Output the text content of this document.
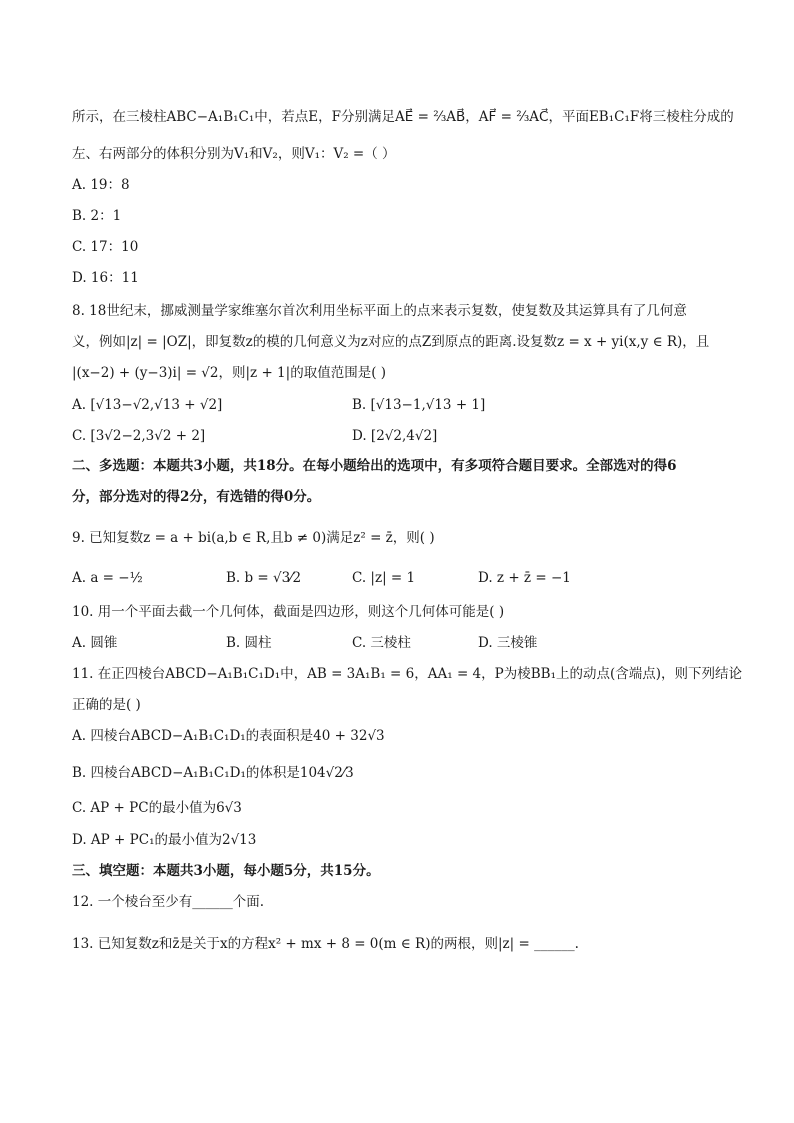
所示，在三棱柱ABC−A₁B₁C₁中，若点E，F分别满足AE⃗ = ⅔AB⃗，AF⃗ = ⅔AC⃗，平面EB₁C₁F将三棱柱分成的
左、右两部分的体积分别为V₁和V₂，则V₁：V₂ =（ ）
A. 19：8
B. 2：1
C. 17：10
D. 16：11
8. 18世纪末，挪威测量学家维塞尔首次利用坐标平面上的点来表示复数，使复数及其运算具有了几何意
义，例如|z| = |OZ|，即复数z的模的几何意义为z对应的点Z到原点的距离.设复数z = x + yi(x,y ∈ R)，且
|(x−2) + (y−3)i| = √2，则|z + 1|的取值范围是( )
A. [√13−√2,√13 + √2]	B. [√13−1,√13 + 1]
C. [3√2−2,3√2 + 2]	D. [2√2,4√2]
二、多选题：本题共3小题，共18分。在每小题给出的选项中，有多项符合题目要求。全部选对的得6
分，部分选对的得2分，有选错的得0分。
9. 已知复数z = a + bi(a,b ∈ R,且b ≠ 0)满足z² = z̄，则( )
A. a = −½	B. b = √3⁄2	C. |z| = 1	D. z + z̄ = −1
10. 用一个平面去截一个几何体，截面是四边形，则这个几何体可能是( )
A. 圆锥	B. 圆柱	C. 三棱柱	D. 三棱锥
11. 在正四棱台ABCD−A₁B₁C₁D₁中，AB = 3A₁B₁ = 6，AA₁ = 4，P为棱BB₁上的动点(含端点)，则下列结论
正确的是( )
A. 四棱台ABCD−A₁B₁C₁D₁的表面积是40 + 32√3
B. 四棱台ABCD−A₁B₁C₁D₁的体积是104√2⁄3
C. AP + PC的最小值为6√3
D. AP + PC₁的最小值为2√13
三、填空题：本题共3小题，每小题5分，共15分。
12. 一个棱台至少有______个面.
13. 已知复数z和z̄是关于x的方程x² + mx + 8 = 0(m ∈ R)的两根，则|z| = ______.
